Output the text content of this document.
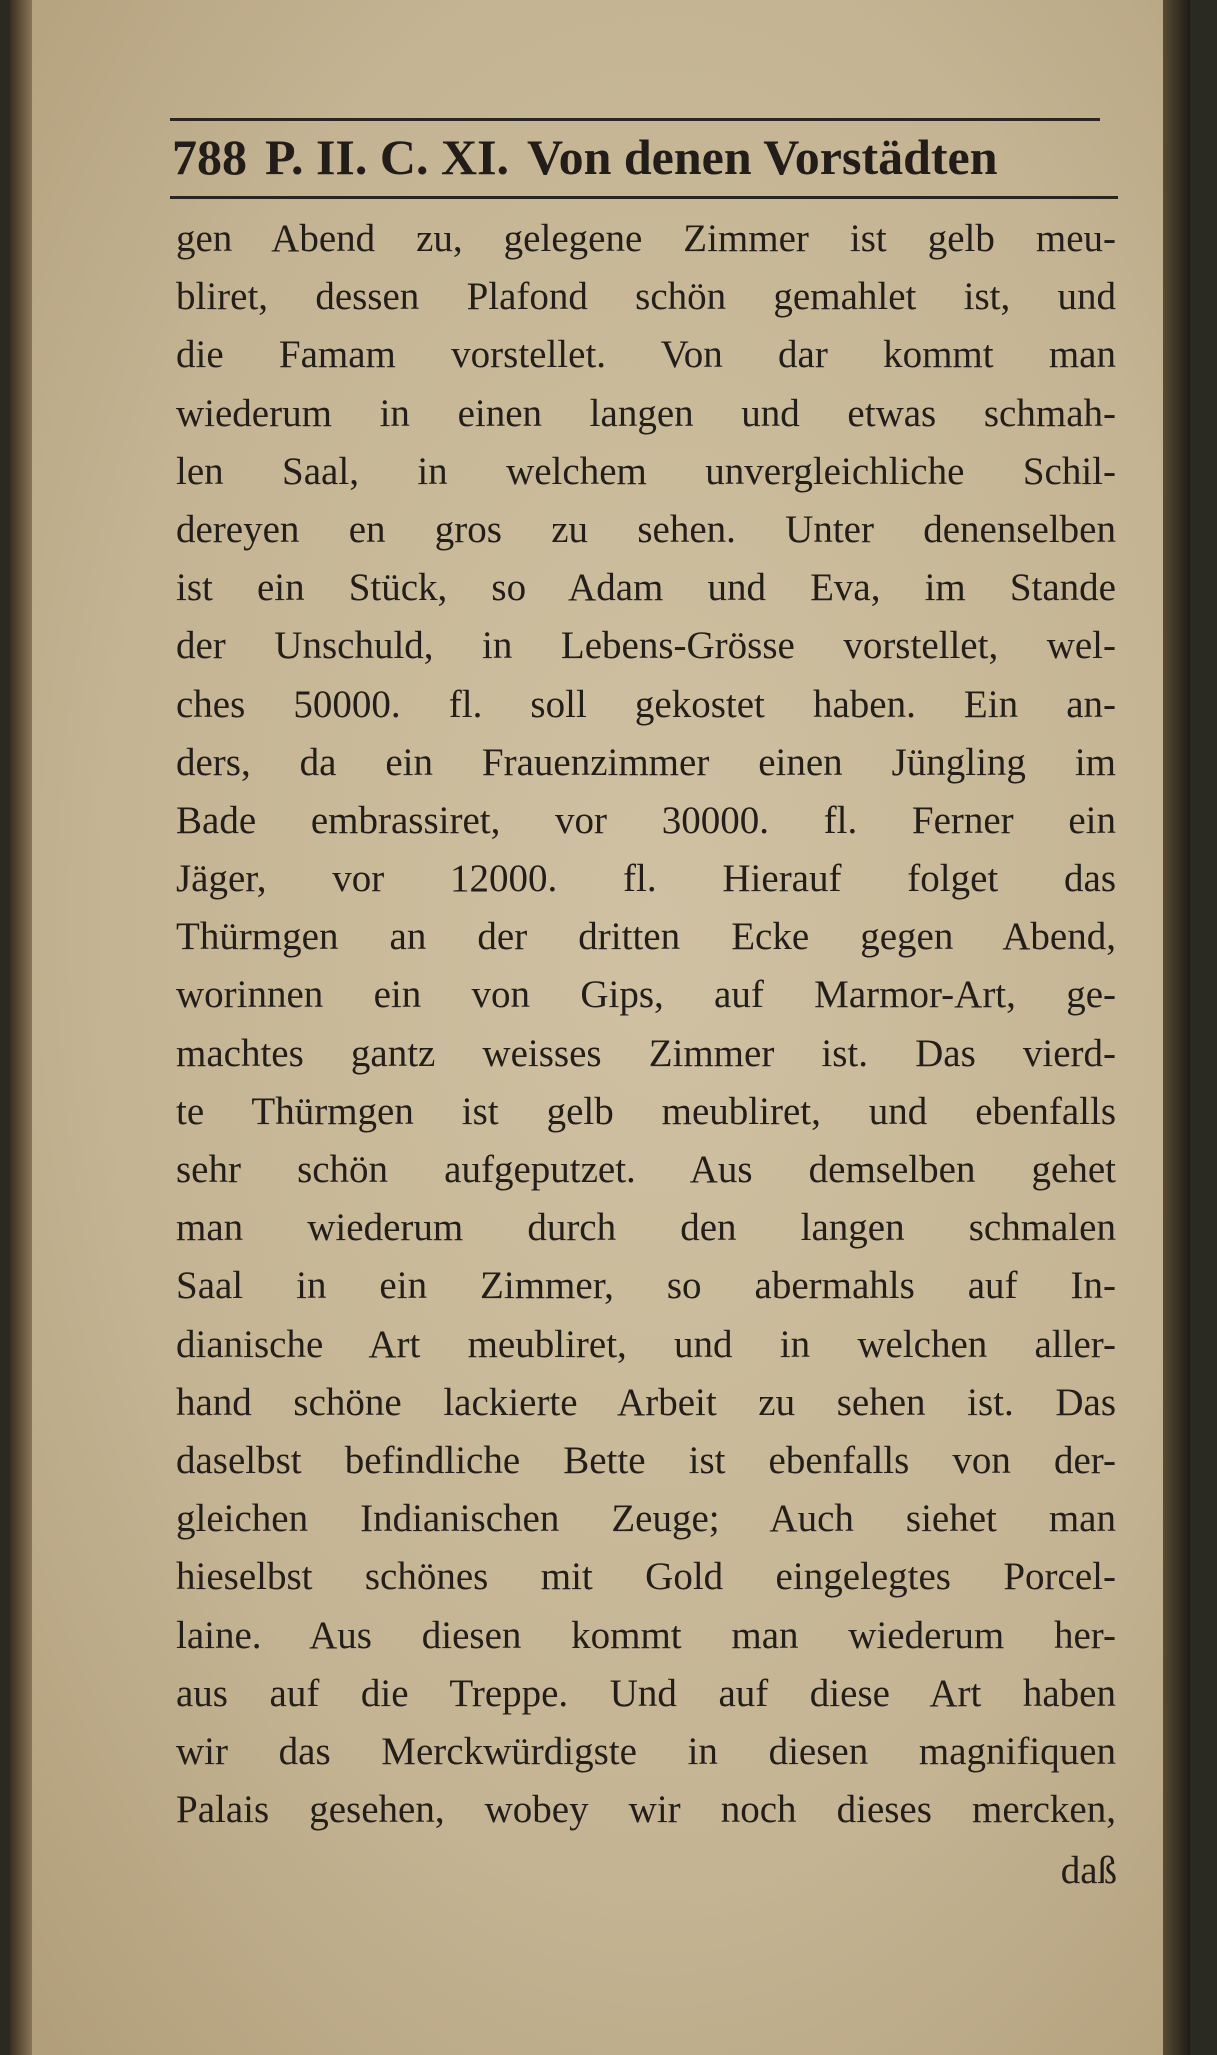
788 P. II. C. XI. Von denen Vorstädten
gen Abend zu, gelegene Zimmer ist gelb meu-
bliret, dessen Plafond schön gemahlet ist, und
die Famam vorstellet. Von dar kommt man
wiederum in einen langen und etwas schmah-
len Saal, in welchem unvergleichliche Schil-
dereyen en gros zu sehen. Unter denenselben
ist ein Stück, so Adam und Eva, im Stande
der Unschuld, in Lebens-Grösse vorstellet, wel-
ches 50000. fl. soll gekostet haben. Ein an-
ders, da ein Frauenzimmer einen Jüngling im
Bade embrassiret, vor 30000. fl. Ferner ein
Jäger, vor 12000. fl. Hierauf folget das
Thürmgen an der dritten Ecke gegen Abend,
worinnen ein von Gips, auf Marmor-Art, ge-
machtes gantz weisses Zimmer ist. Das vierd-
te Thürmgen ist gelb meubliret, und ebenfalls
sehr schön aufgeputzet. Aus demselben gehet
man wiederum durch den langen schmalen
Saal in ein Zimmer, so abermahls auf In-
dianische Art meubliret, und in welchen aller-
hand schöne lackierte Arbeit zu sehen ist. Das
daselbst befindliche Bette ist ebenfalls von der-
gleichen Indianischen Zeuge; Auch siehet man
hieselbst schönes mit Gold eingelegtes Porcel-
laine. Aus diesen kommt man wiederum her-
aus auf die Treppe. Und auf diese Art haben
wir das Merckwürdigste in diesen magnifiquen
Palais gesehen, wobey wir noch dieses mercken,
daß
